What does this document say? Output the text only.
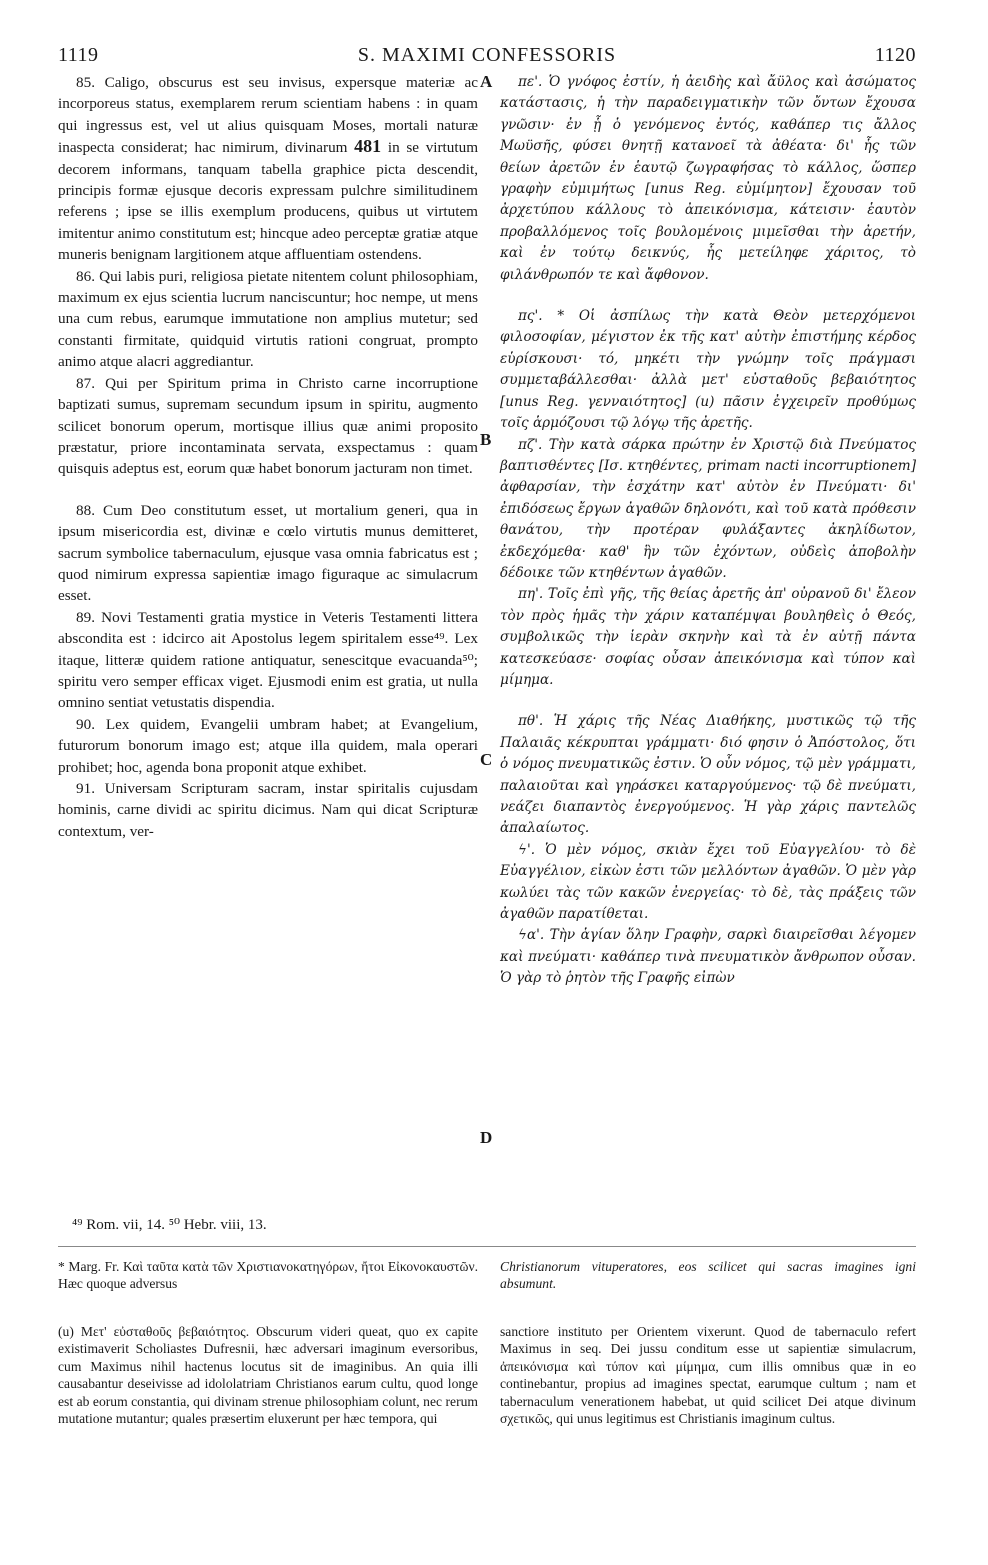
1119	S. MAXIMI CONFESSORIS	1120

85. Caligo, obscurus est seu invisus, expersque materiæ ac incorporeus status, exemplarem rerum scientiam habens : in quam qui ingressus est, vel ut alius quisquam Moses, mortali naturæ inaspecta considerat; hac nimirum, divinarum 481 in se virtutum decorem informans, tanquam tabella graphice picta descendit, principis formæ ejusque decoris expressam pulchre similitudinem referens ; ipse se illis exemplum producens, quibus ut virtutem imitentur animo constitutum est; hincque adeo perceptæ gratiæ atque muneris benignam largitionem atque affluentiam ostendens.

86. Qui labis puri, religiosa pietate nitentem colunt philosophiam, maximum ex ejus scientia lucrum nanciscuntur; hoc nempe, ut mens una cum rebus, earumque immutatione non amplius mutetur; sed constanti firmitate, quidquid virtutis rationi congruat, prompto animo atque alacri aggrediantur.

87. Qui per Spiritum prima in Christo carne incorruptione baptizati sumus, supremam secundum ipsum in spiritu, augmento scilicet bonorum operum, mortisque illius quæ animi proposito præstatur, priore incontaminata servata, exspectamus : quam quisquis adeptus est, eorum quæ habet bonorum jacturam non timet.

88. Cum Deo constitutum esset, ut mortalium generi, qua in ipsum misericordia est, divinæ e cœlo virtutis munus demitteret, sacrum symbolice tabernaculum, ejusque vasa omnia fabricatus est ; quod nimirum expressa sapientiæ imago figuraque ac simulacrum esset.

89. Novi Testamenti gratia mystice in Veteris Testamenti littera abscondita est : idcirco ait Apostolus legem spiritalem esse⁴⁹. Lex itaque, litteræ quidem ratione antiquatur, senescitque evacuanda⁵⁰; spiritu vero semper efficax viget. Ejusmodi enim est gratia, ut nulla omnino sentiat vetustatis dispendia.

90. Lex quidem, Evangelii umbram habet; at Evangelium, futurorum bonorum imago est; atque illa quidem, mala operari prohibet; hoc, agenda bona proponit atque exhibet.

91. Universam Scripturam sacram, instar spiritalis cujusdam hominis, carne dividi ac spiritu dicimus. Nam qui dicat Scripturæ contextum, ver-

πε'. Ὁ γνόφος ἐστίν, ἡ ἀειδὴς καὶ ἄϋλος καὶ ἀσώματος κατάστασις, ἡ τὴν παραδειγματικὴν τῶν ὄντων ἔχουσα γνῶσιν· ἐν ᾗ ὁ γενόμενος ἐντός, καθάπερ τις ἄλλος Μωϋσῆς, φύσει θνητῇ κατανοεῖ τὰ ἀθέατα· δι' ἧς τῶν θείων ἀρετῶν ἐν ἑαυτῷ ζωγραφήσας τὸ κάλλος, ὥσπερ γραφὴν εὐμιμήτως [unus Reg. εὐμίμητον] ἔχουσαν τοῦ ἀρχετύπου κάλλους τὸ ἀπεικόνισμα, κάτεισιν· ἑαυτὸν προβαλλόμενος τοῖς βουλομένοις μιμεῖσθαι τὴν ἀρετήν, καὶ ἐν τούτῳ δεικνύς, ἧς μετείληφε χάριτος, τὸ φιλάνθρωπόν τε καὶ ἄφθονον.

πς'. * Οἱ ἀσπίλως τὴν κατὰ Θεὸν μετερχόμενοι φιλοσοφίαν, μέγιστον ἐκ τῆς κατ' αὐτὴν ἐπιστήμης κέρδος εὑρίσκουσι· τό, μηκέτι τὴν γνώμην τοῖς πράγμασι συμμεταβάλλεσθαι· ἀλλὰ μετ' εὐσταθοῦς βεβαιότητος [unus Reg. γενναιότητος] (u) πᾶσιν ἐγχειρεῖν προθύμως τοῖς ἁρμόζουσι τῷ λόγῳ τῆς ἀρετῆς.

πζ'. Τὴν κατὰ σάρκα πρώτην ἐν Χριστῷ διὰ Πνεύματος βαπτισθέντες [Ισ. κτηθέντες, primam nacti incorruptionem] ἀφθαρσίαν, τὴν ἐσχάτην κατ' αὐτὸν ἐν Πνεύματι· δι' ἐπιδόσεως ἔργων ἀγαθῶν δηλονότι, καὶ τοῦ κατὰ πρόθεσιν θανάτου, τὴν προτέραν φυλάξαντες ἀκηλίδωτον, ἐκδεχόμεθα· καθ' ἣν τῶν ἐχόντων, οὐδεὶς ἀποβολὴν δέδοικε τῶν κτηθέντων ἀγαθῶν.

πη'. Τοῖς ἐπὶ γῆς, τῆς θείας ἀρετῆς ἀπ' οὐρανοῦ δι' ἔλεον τὸν πρὸς ἡμᾶς τὴν χάριν καταπέμψαι βουληθεὶς ὁ Θεός, συμβολικῶς τὴν ἱερὰν σκηνὴν καὶ τὰ ἐν αὐτῇ πάντα κατεσκεύασε· σοφίας οὖσαν ἀπεικόνισμα καὶ τύπον καὶ μίμημα.

πθ'. Ἡ χάρις τῆς Νέας Διαθήκης, μυστικῶς τῷ τῆς Παλαιᾶς κέκρυπται γράμματι· διό φησιν ὁ Ἀπόστολος, ὅτι ὁ νόμος πνευματικῶς ἐστιν. Ὁ οὖν νόμος, τῷ μὲν γράμματι, παλαιοῦται καὶ γηράσκει καταργούμενος· τῷ δὲ πνεύματι, νεάζει διαπαντὸς ἐνεργούμενος. Ἡ γὰρ χάρις παντελῶς ἀπαλαίωτος.

ϟ'. Ὁ μὲν νόμος, σκιὰν ἔχει τοῦ Εὐαγγελίου· τὸ δὲ Εὐαγγέλιον, εἰκὼν ἐστι τῶν μελλόντων ἀγαθῶν. Ὁ μὲν γὰρ κωλύει τὰς τῶν κακῶν ἐνεργείας· τὸ δὲ, τὰς πράξεις τῶν ἀγαθῶν παρατίθεται.

ϟα'. Τὴν ἁγίαν ὅλην Γραφὴν, σαρκὶ διαιρεῖσθαι λέγομεν καὶ πνεύματι· καθάπερ τινὰ πνευματικὸν ἄνθρωπον οὖσαν. Ὁ γὰρ τὸ ῥητὸν τῆς Γραφῆς εἰπὼν

A
B
C
D
⁴⁹ Rom. vii, 14. ⁵⁰ Hebr. viii, 13.
* Marg. Fr. Καὶ ταῦτα κατὰ τῶν Χριστιανοκατηγόρων, ἤτοι Εἰκονοκαυστῶν. Hæc quoque adversus
Christianorum vituperatores, eos scilicet qui sacras imagines igni absumunt.
(u) Μετ' εὐσταθοῦς βεβαιότητος. Obscurum videri queat, quo ex capite existimaverit Scholiastes Dufresnii, hæc adversari imaginum eversoribus, cum Maximus nihil hactenus locutus sit de imaginibus. An quia illi causabantur deseivisse ad idololatriam Christianos earum cultu, quod longe est ab eorum constantia, qui divinam strenue philosophiam colunt, nec rerum mutatione mutantur; quales præsertim eluxerunt per hæc tempora, qui
sanctiore instituto per Orientem vixerunt. Quod de tabernaculo refert Maximus in seq. Dei jussu conditum esse ut sapientiæ simulacrum, ἀπεικόνισμα καὶ τύπον καὶ μίμημα, cum illis omnibus quæ in eo continebantur, propius ad imagines spectat, earumque cultum ; nam et tabernaculum venerationem habebat, ut quid scilicet Dei atque divinum σχετικῶς, qui unus legitimus est Christianis imaginum cultus.
